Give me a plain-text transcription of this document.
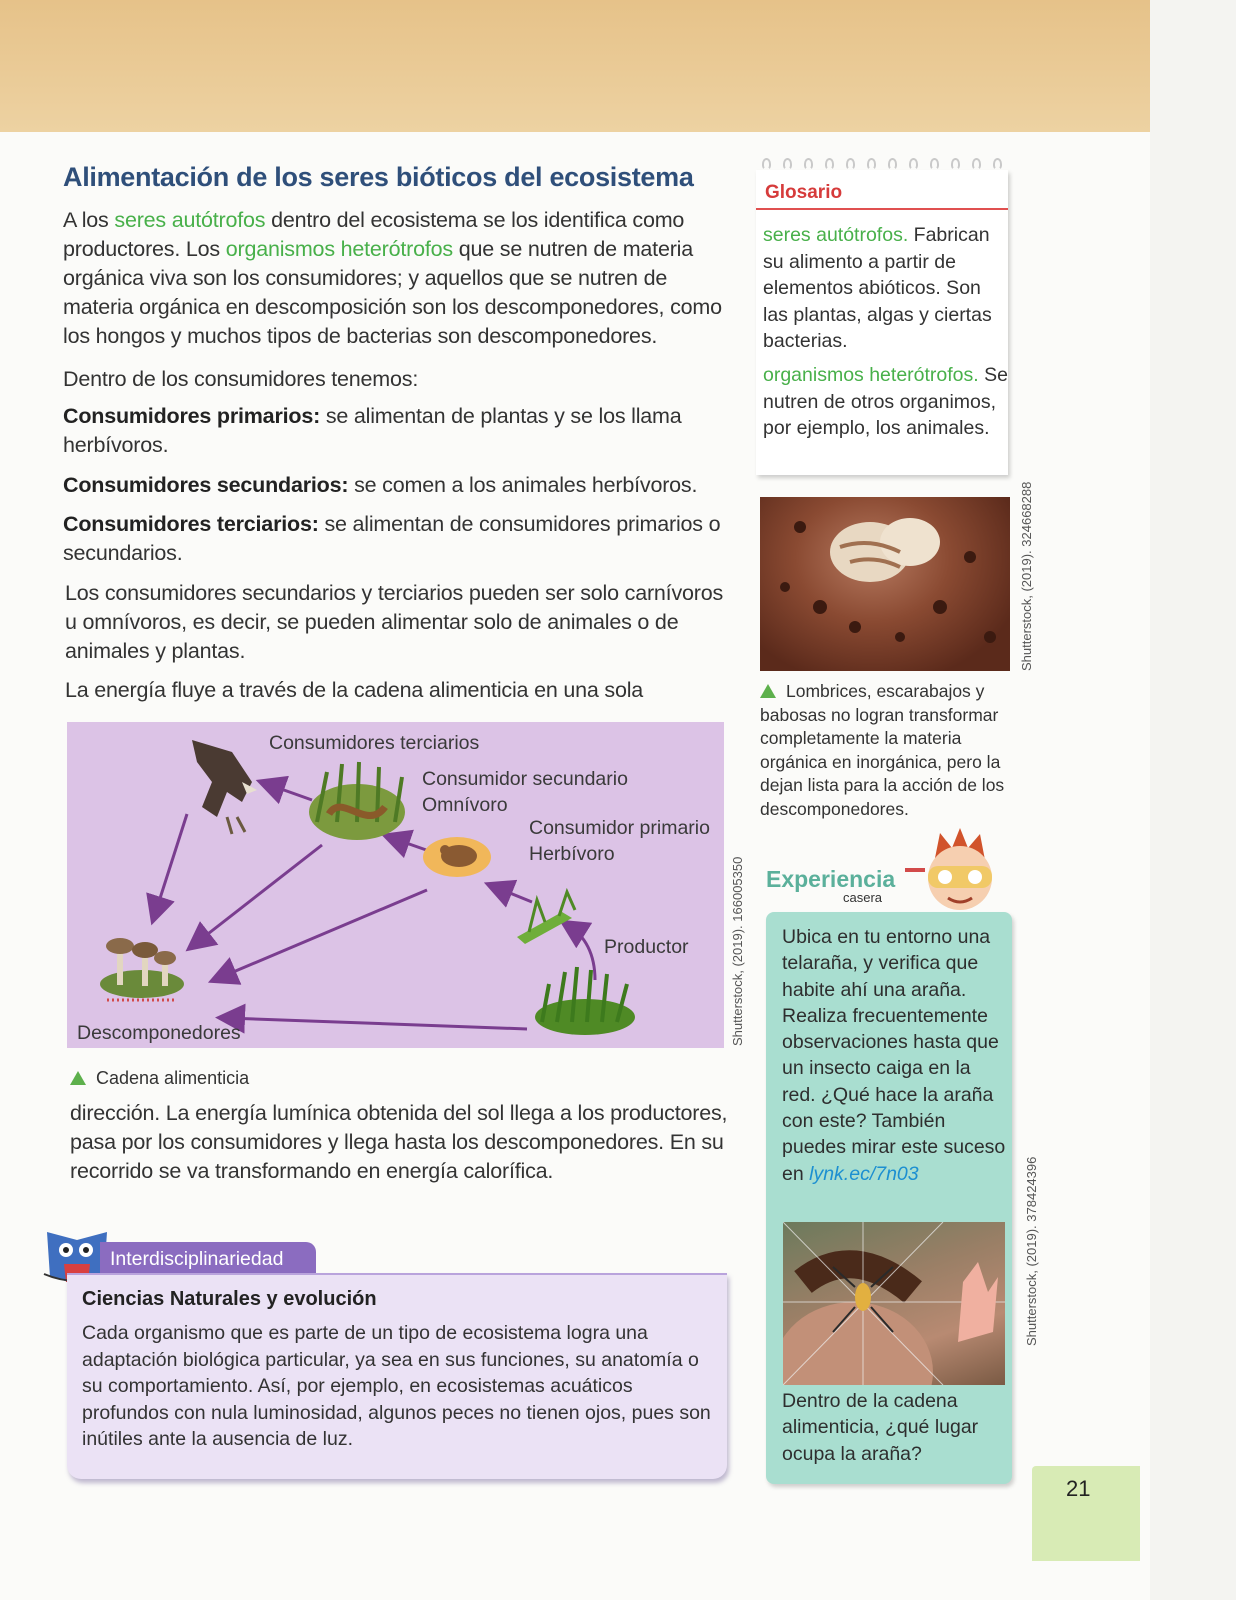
Alimentación de los seres bióticos del ecosistema

A los seres autótrofos dentro del ecosistema se los identifica como productores. Los organismos heterótrofos que se nutren de materia orgánica viva son los consumidores; y aquellos que se nutren de materia orgánica en descomposición son los descomponedores, como los hongos y muchos tipos de bacterias son descomponedores.

Dentro de los consumidores tenemos:

Consumidores primarios: se alimentan de plantas y se los llama herbívoros.

Consumidores secundarios: se comen a los animales herbívoros.

Consumidores terciarios: se alimentan de consumidores primarios o secundarios.

Los consumidores secundarios y terciarios pueden ser solo carnívoros u omnívoros, es decir, se pueden alimentar solo de animales o de animales y plantas.

La energía fluye a través de la cadena alimenticia en una sola

Consumidores terciarios
Consumidor secundario
Omnívoro
Consumidor primario
Herbívoro
Productor
Descomponedores	Shutterstock, (2019). 166005350
Cadena alimenticia

dirección. La energía lumínica obtenida del sol llega a los productores, pasa por los consumidores y llega hasta los descomponedores. En su recorrido se va transformando en energía calorífica.

Glosario

seres autótrofos. Fabrican su alimento a partir de elementos abióticos. Son las plantas, algas y ciertas bacterias.

organismos heterótrofos. Se nutren de otros organimos, por ejemplo, los animales.

Shutterstock, (2019). 324668288
Lombrices, escarabajos y babosas no logran transformar completamente la materia orgánica en inorgánica, pero la dejan lista para la acción de los descomponedores.
Experiencia
casera

Ubica en tu entorno una telaraña, y verifica que habite ahí una araña. Realiza frecuentemente observaciones hasta que un insecto caiga en la red. ¿Qué hace la araña con este? También puedes mirar este suceso en lynk.ec/7n03

Dentro de la cadena alimenticia, ¿qué lugar ocupa la araña?

Shutterstock, (2019). 378424396
Interdisciplinariedad
Ciencias Naturales y evolución

Cada organismo que es parte de un tipo de ecosistema logra una adaptación biológica particular, ya sea en sus funciones, su anatomía o su comportamiento. Así, por ejemplo, en ecosistemas acuáticos profundos con nula luminosidad, algunos peces no tienen ojos, pues son inútiles ante la ausencia de luz.

21
